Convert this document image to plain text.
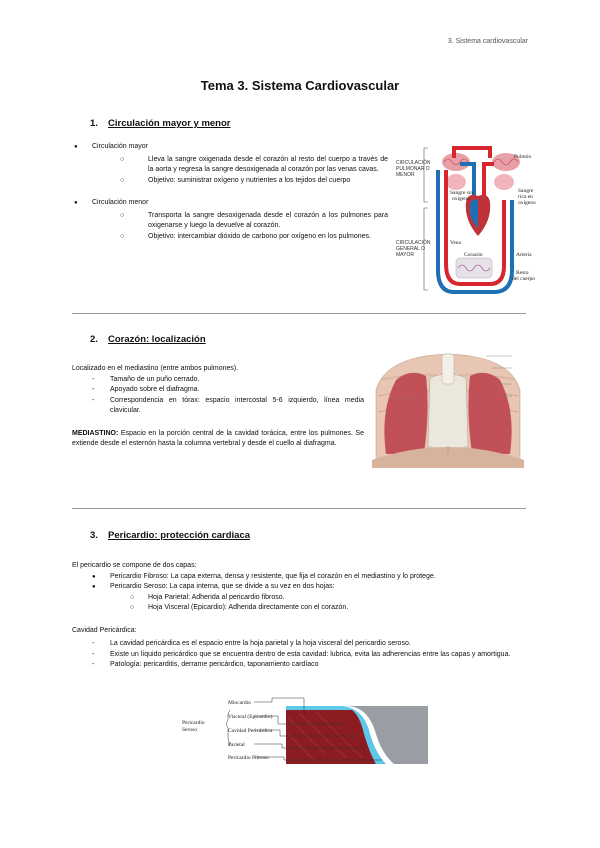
3. Sistema cardiovascular
Tema 3. Sistema Cardiovascular
1. Circulación mayor y menor
● Circulación mayor
○ Lleva la sangre oxigenada desde el corazón al resto del cuerpo a través de la aorta y regresa la sangre desoxigenada al corazón por las venas cavas.
○ Objetivo: suministrar oxígeno y nutrientes a los tejidos del cuerpo
● Circulación menor
○ Transporta la sangre desoxigenada desde el corazón a los pulmones para oxigenarse y luego la devuelve al corazón.
○ Objetivo: intercambiar dióxido de carbono por oxígeno en los pulmones.
CIRCULACIÓN
PULMONAR O
MENOR
CIRCULACIÓN
GENERAL O
MAYOR
Pulmón
Sangre sin
oxígeno
Sangre
rica en
oxígeno
Vena
Corazón	Arteria
Resto
del cuerpo
2. Corazón: localización
Localizado en el mediastino (entre ambos pulmones).
- Tamaño de un puño cerrado.
- Apoyado sobre el diafragma.
- Correspondencia en tórax: espacio intercostal 5-6 izquierdo, línea media clavicular.
MEDIASTINO: Espacio en la porción central de la cavidad torácica, entre los pulmones. Se extiende desde el esternón hasta la columna vertebral y desde el cuello al diafragma.
3. Pericardio: protección cardiaca
El pericardio se compone de dos capas:
● Pericardio Fibroso: La capa externa, densa y resistente, que fija el corazón en el mediastino y lo protege.
● Pericardio Seroso: La capa interna, que se divide a su vez en dos hojas:
○ Hoja Parietal: Adherida al pericardio fibroso.
○ Hoja Visceral (Epicardio): Adherida directamente con el corazón.
Cavidad Pericárdica:
- La cavidad pericárdica es el espacio entre la hoja parietal y la hoja visceral del pericardio seroso.
- Existe un líquido pericárdico que se encuentra dentro de esta cavidad: lubrica, evita las adherencias entre las capas y amortigua.
- Patología: pericarditis, derrame pericárdico, taponamiento cardíaco
Miocardio
Visceral (Epicardio)
Cavidad Pericárdica
Parietal
Pericardio Fibroso
Pericardio
Seroso
